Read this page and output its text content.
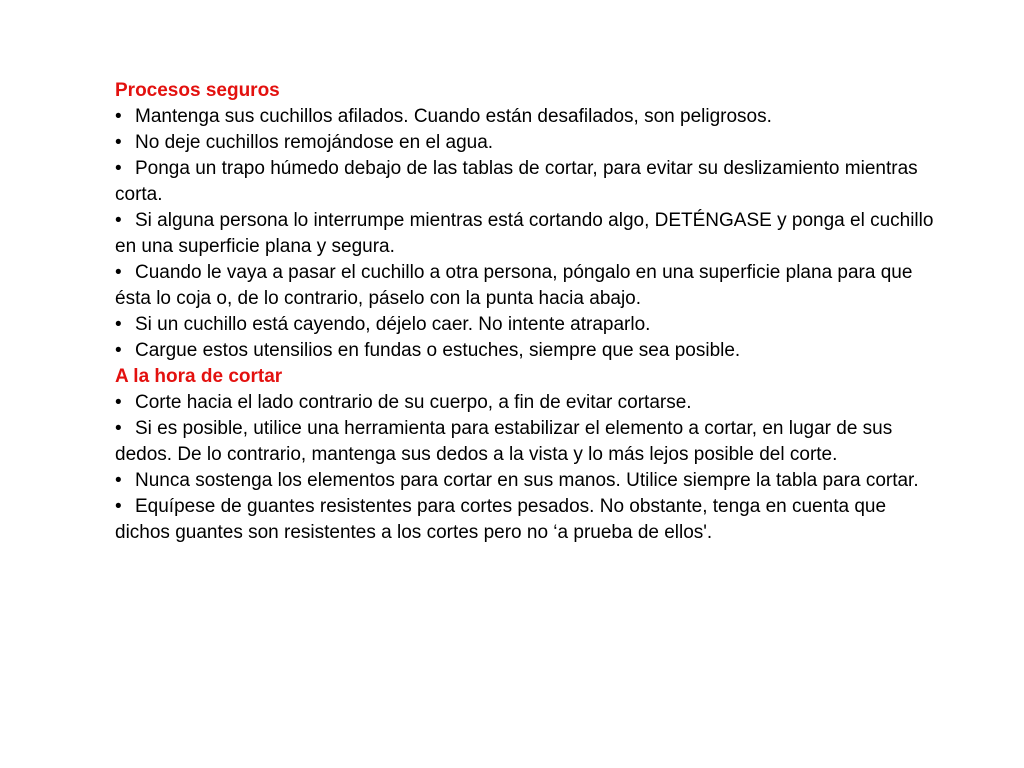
Procesos seguros

• Mantenga sus cuchillos afilados. Cuando están desafilados, son peligrosos.

• No deje cuchillos remojándose en el agua.

• Ponga un trapo húmedo debajo de las tablas de cortar, para evitar su deslizamiento mientras corta.

• Si alguna persona lo interrumpe mientras está cortando algo, DETÉNGASE y ponga el cuchillo en una superficie plana y segura.

• Cuando le vaya a pasar el cuchillo a otra persona, póngalo en una superficie plana para que ésta lo coja o, de lo contrario, páselo con la punta hacia abajo.

• Si un cuchillo está cayendo, déjelo caer. No intente atraparlo.

• Cargue estos utensilios en fundas o estuches, siempre que sea posible.

A la hora de cortar

• Corte hacia el lado contrario de su cuerpo, a fin de evitar cortarse.

• Si es posible, utilice una herramienta para estabilizar el elemento a cortar, en lugar de sus dedos. De lo contrario, mantenga sus dedos a la vista y lo más lejos posible del corte.

• Nunca sostenga los elementos para cortar en sus manos. Utilice siempre la tabla para cortar.

• Equípese de guantes resistentes para cortes pesados. No obstante, tenga en cuenta que dichos guantes son resistentes a los cortes pero no ‘a prueba de ellos'.
